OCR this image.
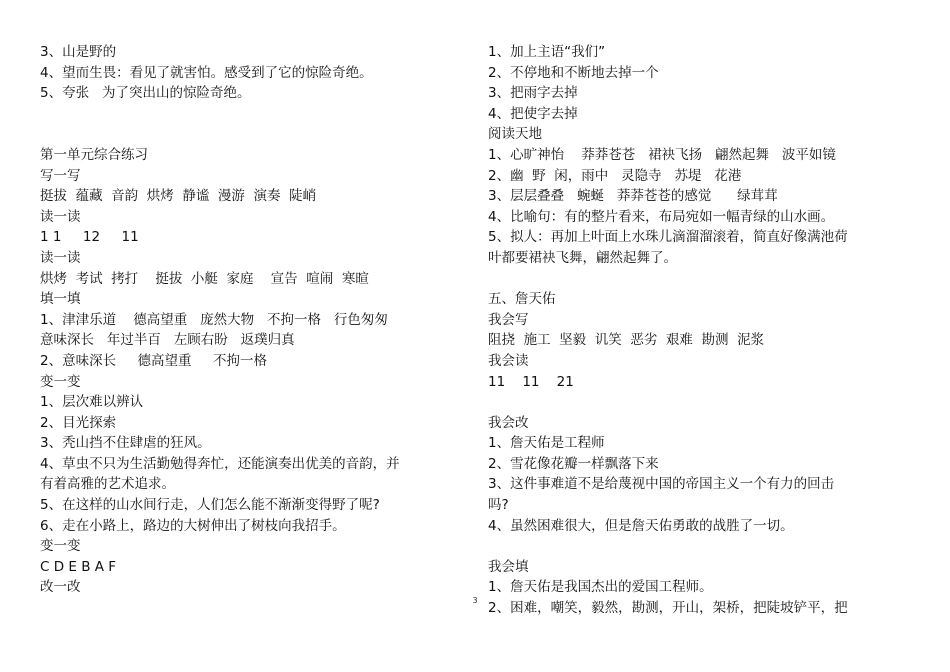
3、山是野的
4、望而生畏：看见了就害怕。感受到了它的惊险奇绝。
5、夸张   为了突出山的惊险奇绝。
第一单元综合练习
写一写
挺拔  蕴藏  音韵  烘烤  静谧  漫游  演奏  陡峭
读一读
1 1     12     11
读一读
烘烤  考试  拷打    挺拔  小艇  家庭    宣告  喧闹  寒暄
填一填
1、津津乐道    德高望重   庞然大物   不拘一格   行色匆匆
意味深长   年过半百   左顾右盼   返璞归真
2、意味深长     德高望重     不拘一格
变一变
1、层次难以辨认
2、目光探索
3、秃山挡不住肆虐的狂风。
4、草虫不只为生活勤勉得奔忙，还能演奏出优美的音韵，并
有着高雅的艺术追求。
5、在这样的山水间行走，人们怎么能不渐渐变得野了呢?
6、走在小路上，路边的大树伸出了树枝向我招手。
变一变
C D E B A F
改一改
1、加上主语“我们”
2、不停地和不断地去掉一个
3、把雨字去掉
4、把使字去掉
阅读天地
1、心旷神怡    莽莽苍苍   裙袂飞扬   翩然起舞   波平如镜
2、幽  野  闲，雨中   灵隐寺   苏堤   花港
3、层层叠叠   蜿蜒   莽莽苍苍的感觉      绿茸茸
4、比喻句：有的整片看来，布局宛如一幅青绿的山水画。
5、拟人：再加上叶面上水珠儿滴溜溜滚着，简直好像满池荷
叶都要裙袂飞舞，翩然起舞了。
五、詹天佑
我会写
阻挠  施工  坚毅  讥笑  恶劣  艰难  勘测  泥浆
我会读
11    11    21
我会改
1、詹天佑是工程师
2、雪花像花瓣一样飘落下来
3、这件事难道不是给蔑视中国的帝国主义一个有力的回击
吗?
4、虽然困难很大，但是詹天佑勇敢的战胜了一切。
我会填
1、詹天佑是我国杰出的爱国工程师。
2、困难，嘲笑，毅然，勘测，开山，架桥，把陡坡铲平，把
3
